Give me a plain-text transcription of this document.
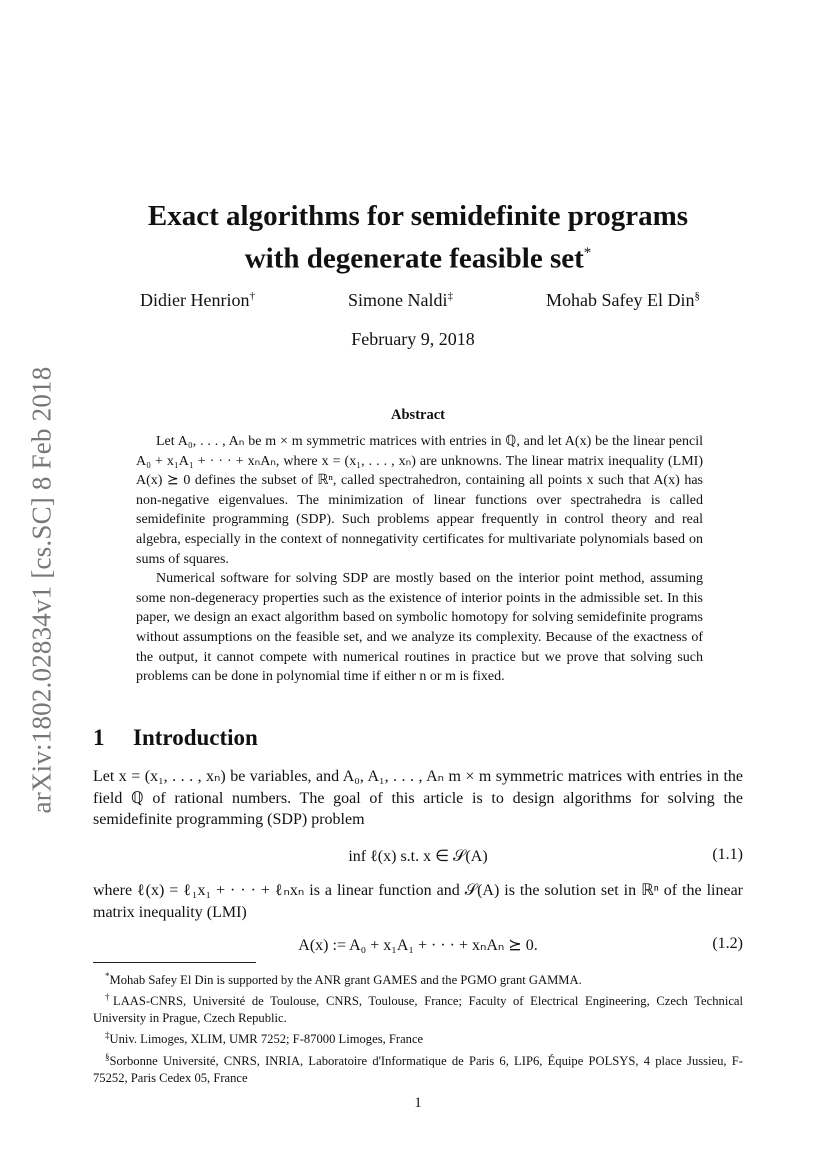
arXiv:1802.02834v1 [cs.SC] 8 Feb 2018
Exact algorithms for semidefinite programs
with degenerate feasible set*
Didier Henrion†	Simone Naldi‡	Mohab Safey El Din§
February 9, 2018
Abstract

Let A₀, . . . , Aₙ be m × m symmetric matrices with entries in ℚ, and let A(x) be the linear pencil A₀ + x₁A₁ + · · · + xₙAₙ, where x = (x₁, . . . , xₙ) are unknowns. The linear matrix inequality (LMI) A(x) ⪰ 0 defines the subset of ℝⁿ, called spectrahedron, containing all points x such that A(x) has non-negative eigenvalues. The minimization of linear functions over spectrahedra is called semidefinite programming (SDP). Such problems appear frequently in control theory and real algebra, especially in the context of nonnegativity certificates for multivariate polynomials based on sums of squares.

Numerical software for solving SDP are mostly based on the interior point method, assuming some non-degeneracy properties such as the existence of interior points in the admissible set. In this paper, we design an exact algorithm based on symbolic homotopy for solving semidefinite programs without assumptions on the feasible set, and we analyze its complexity. Because of the exactness of the output, it cannot compete with numerical routines in practice but we prove that solving such problems can be done in polynomial time if either n or m is fixed.

1 Introduction

Let x = (x₁, . . . , xₙ) be variables, and A₀, A₁, . . . , Aₙ m × m symmetric matrices with entries in the field ℚ of rational numbers. The goal of this article is to design algorithms for solving the semidefinite programming (SDP) problem

inf ℓ(x) s.t. x ∈ 𝒮(A)	(1.1)

where ℓ(x) = ℓ₁x₁ + · · · + ℓₙxₙ is a linear function and 𝒮(A) is the solution set in ℝⁿ of the linear matrix inequality (LMI)

A(x) := A₀ + x₁A₁ + · · · + xₙAₙ ⪰ 0.	(1.2)

*Mohab Safey El Din is supported by the ANR grant GAMES and the PGMO grant GAMMA.

†LAAS-CNRS, Université de Toulouse, CNRS, Toulouse, France; Faculty of Electrical Engineering, Czech Technical University in Prague, Czech Republic.

‡Univ. Limoges, XLIM, UMR 7252; F-87000 Limoges, France

§Sorbonne Université, CNRS, INRIA, Laboratoire d'Informatique de Paris 6, LIP6, Équipe POLSYS, 4 place Jussieu, F-75252, Paris Cedex 05, France

1
